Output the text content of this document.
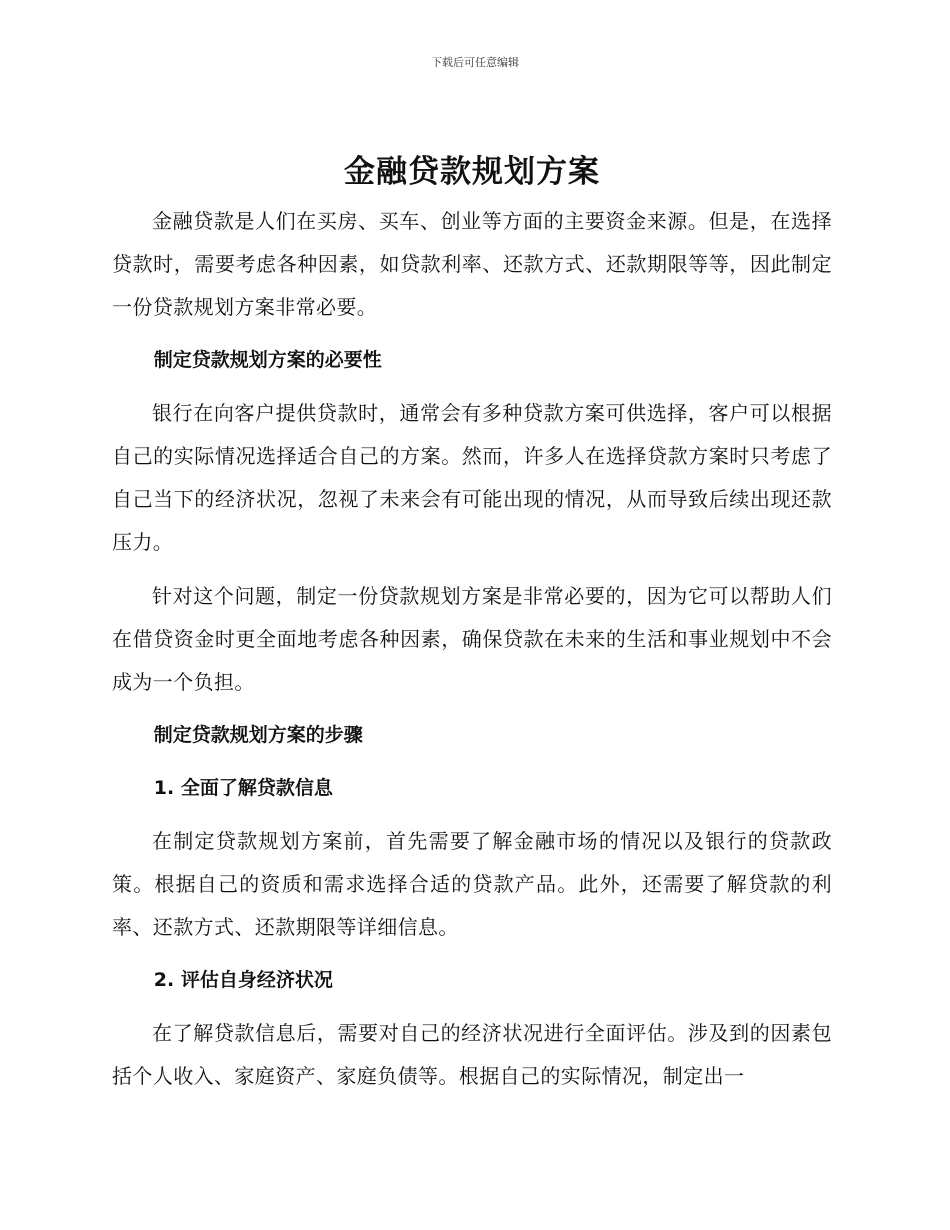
下载后可任意编辑
金融贷款规划方案

金融贷款是人们在买房、买车、创业等方面的主要资金来源。但是，在选择贷款时，需要考虑各种因素，如贷款利率、还款方式、还款期限等等，因此制定一份贷款规划方案非常必要。

制定贷款规划方案的必要性

银行在向客户提供贷款时，通常会有多种贷款方案可供选择，客户可以根据自己的实际情况选择适合自己的方案。然而，许多人在选择贷款方案时只考虑了自己当下的经济状况，忽视了未来会有可能出现的情况，从而导致后续出现还款压力。

针对这个问题，制定一份贷款规划方案是非常必要的，因为它可以帮助人们在借贷资金时更全面地考虑各种因素，确保贷款在未来的生活和事业规划中不会成为一个负担。

制定贷款规划方案的步骤
1. 全面了解贷款信息

在制定贷款规划方案前，首先需要了解金融市场的情况以及银行的贷款政策。根据自己的资质和需求选择合适的贷款产品。此外，还需要了解贷款的利率、还款方式、还款期限等详细信息。

2. 评估自身经济状况

在了解贷款信息后，需要对自己的经济状况进行全面评估。涉及到的因素包括个人收入、家庭资产、家庭负债等。根据自己的实际情况，制定出一
